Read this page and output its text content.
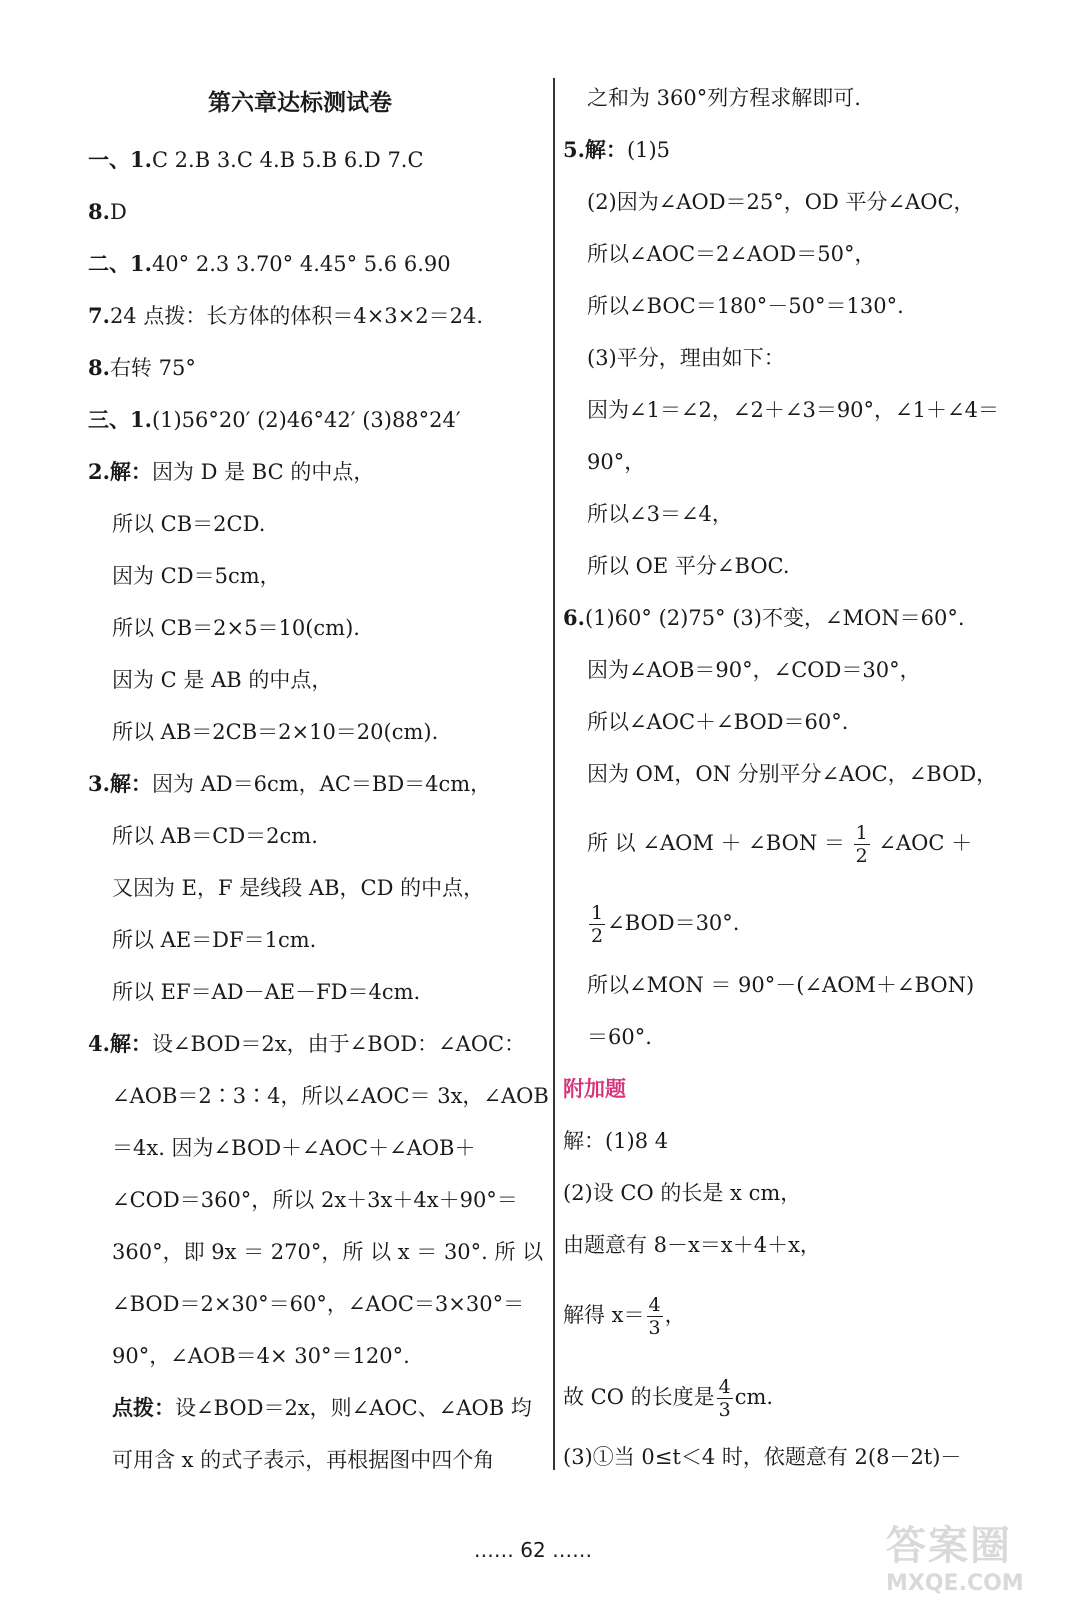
第六章达标测试卷
一、1.C 2.B 3.C 4.B 5.B 6.D 7.C
8.D
二、1.40° 2.3 3.70° 4.45° 5.6 6.90
7.24 点拨：长方体的体积＝4×3×2＝24.
8.右转 75°
三、1.(1)56°20′ (2)46°42′ (3)88°24′
2.解：因为 D 是 BC 的中点，
所以 CB＝2CD.
因为 CD＝5cm，
所以 CB＝2×5＝10(cm).
因为 C 是 AB 的中点，
所以 AB＝2CB＝2×10＝20(cm).
3.解：因为 AD＝6cm，AC＝BD＝4cm，
所以 AB＝CD＝2cm.
又因为 E，F 是线段 AB，CD 的中点，
所以 AE＝DF＝1cm.
所以 EF＝AD－AE－FD＝4cm.
4.解：设∠BOD＝2x，由于∠BOD：∠AOC：
∠AOB＝2∶3∶4，所以∠AOC＝ 3x，∠AOB
＝4x. 因为∠BOD＋∠AOC＋∠AOB＋
∠COD＝360°，所以 2x＋3x＋4x＋90°＝
360°，即 9x ＝ 270°，所 以 x ＝ 30°. 所 以
∠BOD＝2×30°＝60°，∠AOC＝3×30°＝
90°，∠AOB＝4× 30°＝120°.
点拨：设∠BOD＝2x，则∠AOC、∠AOB 均
可用含 x 的式子表示，再根据图中四个角
之和为 360°列方程求解即可.
5.解：(1)5
(2)因为∠AOD＝25°，OD 平分∠AOC，
所以∠AOC＝2∠AOD＝50°，
所以∠BOC＝180°－50°＝130°.
(3)平分，理由如下：
因为∠1＝∠2，∠2＋∠3＝90°，∠1＋∠4＝
90°，
所以∠3＝∠4，
所以 OE 平分∠BOC.
6.(1)60° (2)75° (3)不变，∠MON＝60°.
因为∠AOB＝90°，∠COD＝30°，
所以∠AOC＋∠BOD＝60°.
因为 OM，ON 分别平分∠AOC，∠BOD，
所 以 ∠AOM ＋ ∠BON ＝ $\frac{1}{2}$ ∠AOC ＋
$\frac{1}{2}$ ∠BOD＝30°.
所以∠MON ＝ 90°－(∠AOM＋∠BON)
＝60°.
附加题
解：(1)8 4
(2)设 CO 的长是 x cm，
由题意有 8－x＝x＋4＋x，
解得 $x= \frac{4}{3}$ ，
故 CO 的长度是 $\frac{4}{3}$ cm.
(3)①当 0≤t＜4 时，依题意有 2(8－2t)－
…… 62 ……	答案圈
MXQE.COM
